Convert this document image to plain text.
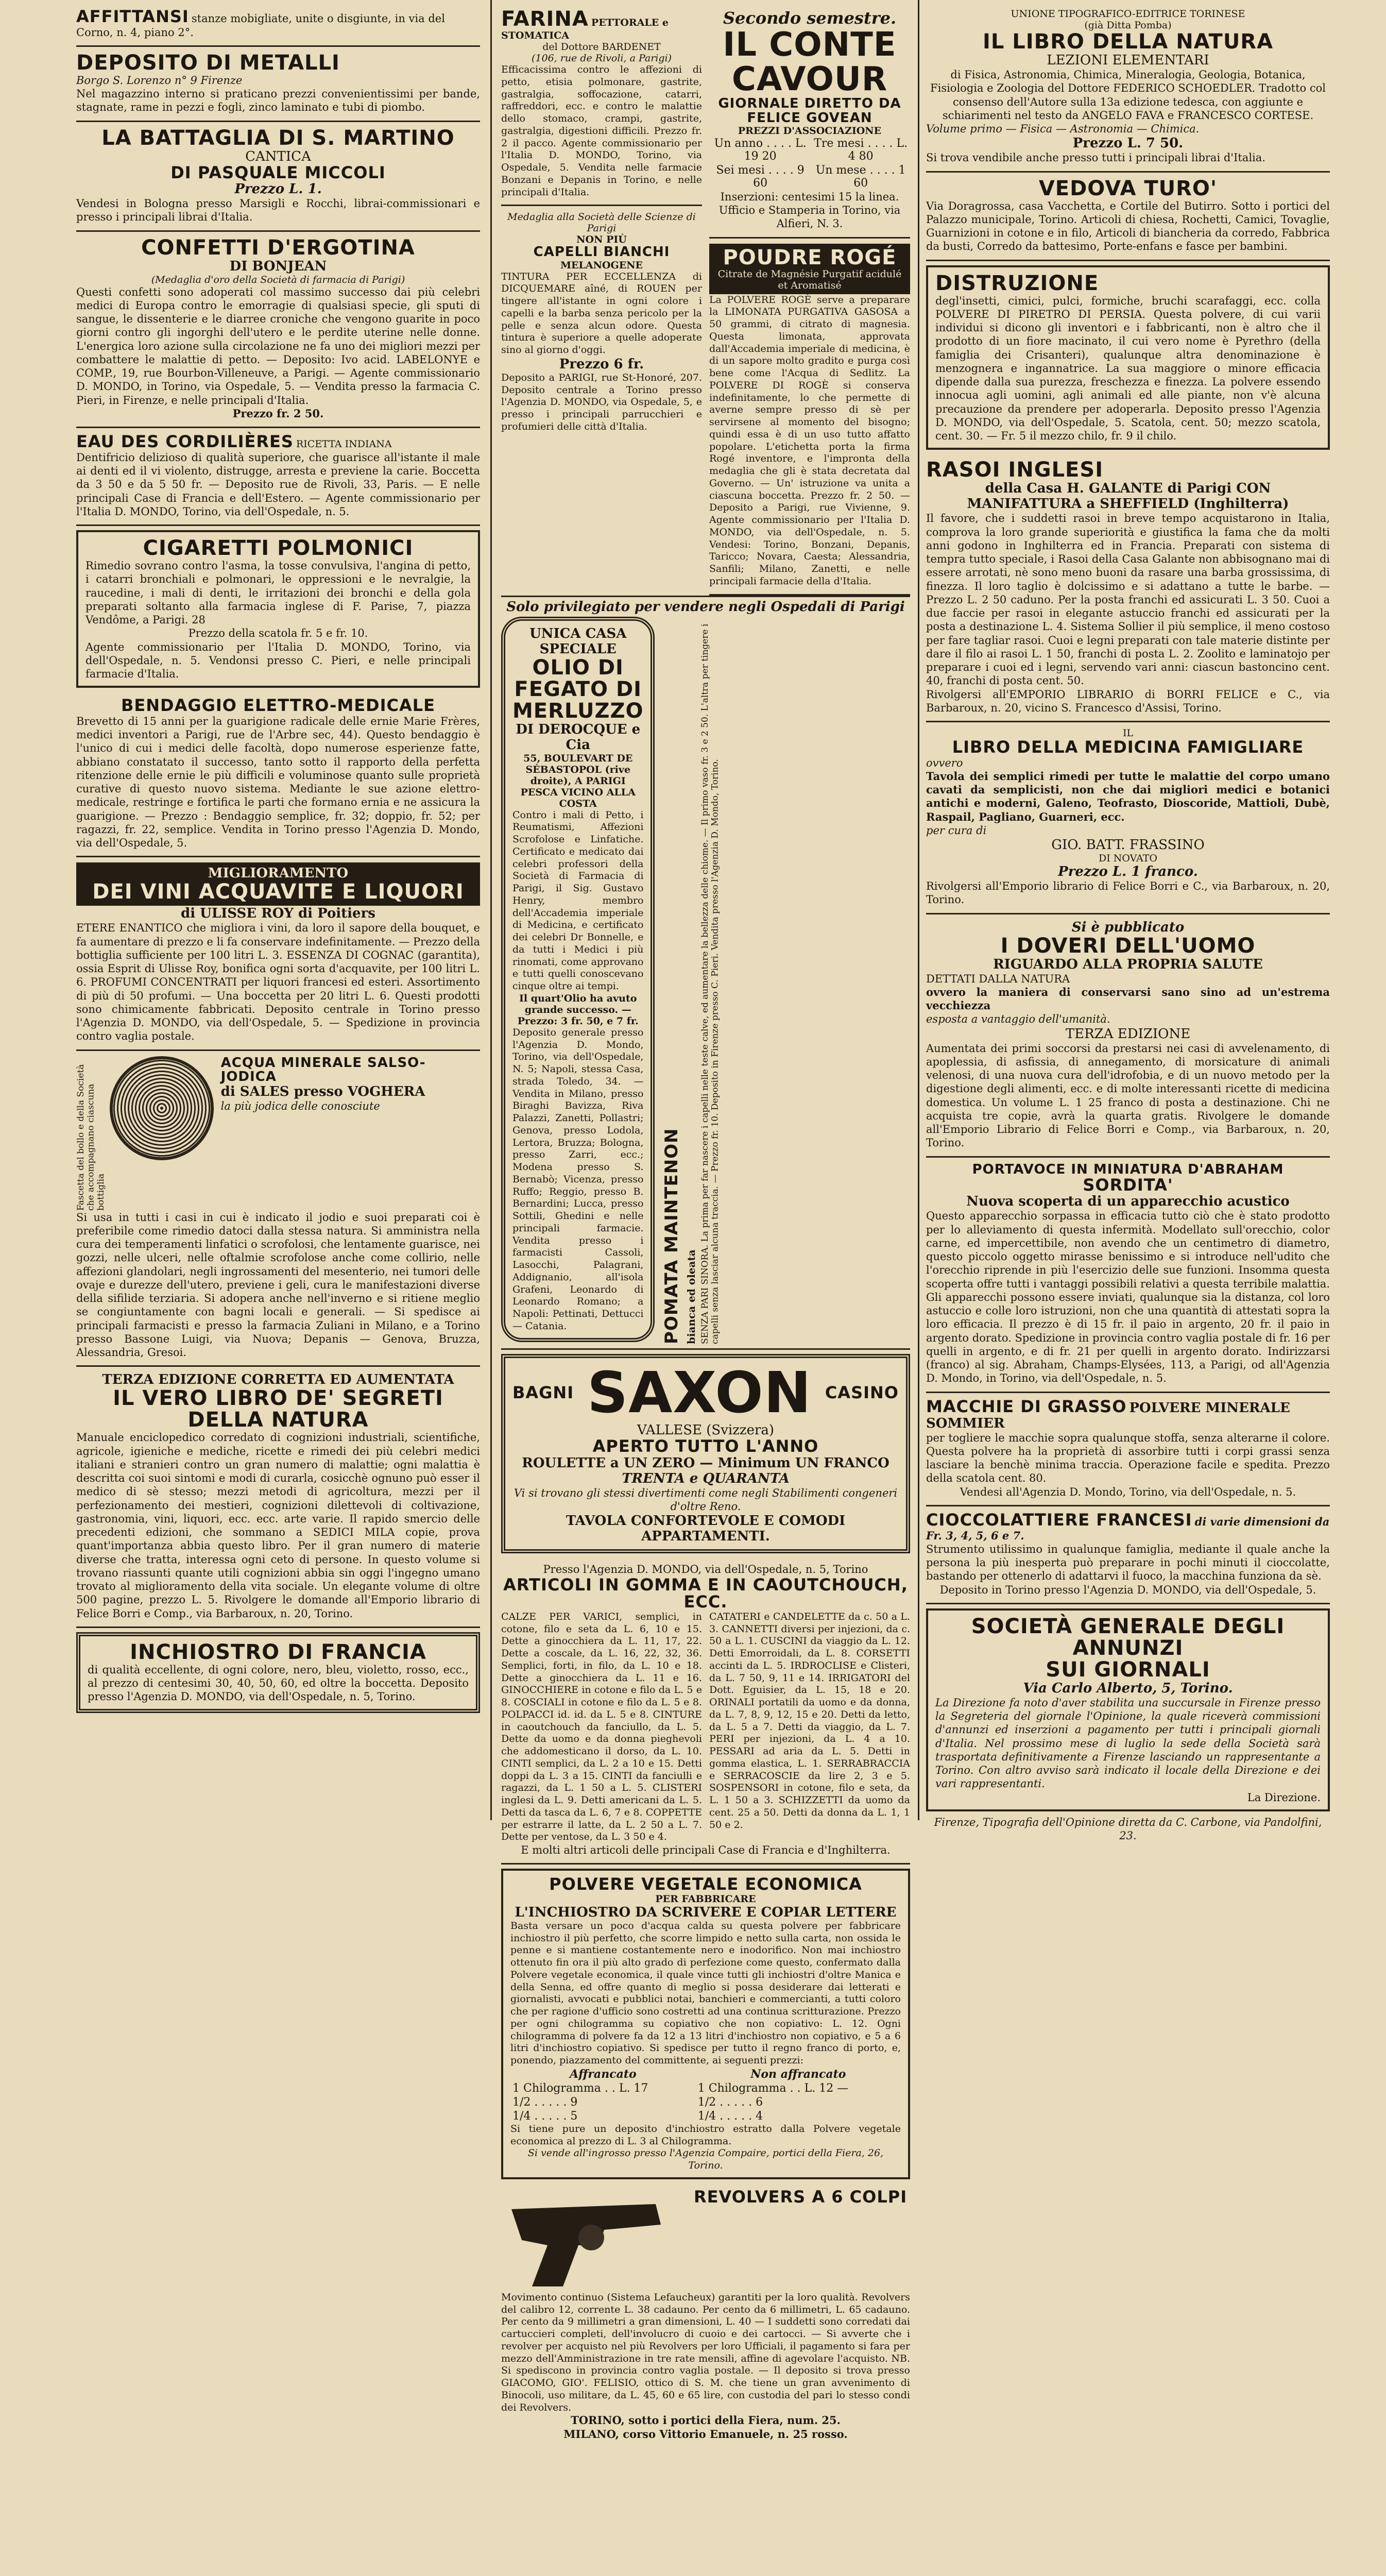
AFFITTANSI stanze mobigliate, unite o disgiunte, in via del Corno, n. 4, piano 2°.
DEPOSITO DI METALLI

Borgo S. Lorenzo n° 9 Firenze

Nel magazzino interno si praticano prezzi convenientissimi per bande, stagnate, rame in pezzi e fogli, zinco laminato e tubi di piombo.

LA BATTAGLIA DI S. MARTINO

CANTICA

DI PASQUALE MICCOLI

Prezzo L. 1.

Vendesi in Bologna presso Marsigli e Rocchi, librai-commissionari e presso i principali librai d'Italia.

CONFETTI D'ERGOTINA

DI BONJEAN

(Medaglia d'oro della Società di farmacia di Parigi)

Questi confetti sono adoperati col massimo successo dai più celebri medici di Europa contro le emorragie di qualsiasi specie, gli sputi di sangue, le dissenterie e le diarree croniche che vengono guarite in poco giorni contro gli ingorghi dell'utero e le perdite uterine nelle donne. L'energica loro azione sulla circolazione ne fa uno dei migliori mezzi per combattere le malattie di petto. — Deposito: Ivo acid. LABELONYE e COMP., 19, rue Bourbon-Villeneuve, a Parigi. — Agente commissionario D. MONDO, in Torino, via Ospedale, 5. — Vendita presso la farmacia C. Pieri, in Firenze, e nelle principali d'Italia.

Prezzo fr. 2 50.

EAU DES CORDILIÈRES RICETTA INDIANA

Dentifricio delizioso di qualità superiore, che guarisce all'istante il male ai denti ed il vi violento, distrugge, arresta e previene la carie. Boccetta da 3 50 e da 5 50 fr. — Deposito rue de Rivoli, 33, Paris. — E nelle principali Case di Francia e dell'Estero. — Agente commissionario per l'Italia D. MONDO, Torino, via dell'Ospedale, n. 5.

CIGARETTI POLMONICI

Rimedio sovrano contro l'asma, la tosse convulsiva, l'angina di petto, i catarri bronchiali e polmonari, le oppressioni e le nevralgie, la raucedine, i mali di denti, le irritazioni dei bronchi e della gola preparati soltanto alla farmacia inglese di F. Parise, 7, piazza Vendôme, a Parigi. 28

Prezzo della scatola fr. 5 e fr. 10.

Agente commissionario per l'Italia D. MONDO, Torino, via dell'Ospedale, n. 5. Vendonsi presso C. Pieri, e nelle principali farmacie d'Italia.

BENDAGGIO ELETTRO-MEDICALE

Brevetto di 15 anni per la guarigione radicale delle ernie Marie Frères, medici inventori a Parigi, rue de l'Arbre sec, 44). Questo bendaggio è l'unico di cui i medici delle facoltà, dopo numerose esperienze fatte, abbiano constatato il successo, tanto sotto il rapporto della perfetta ritenzione delle ernie le più difficili e voluminose quanto sulle proprietà curative di questo nuovo sistema. Mediante le sue azione elettro-medicale, restringe e fortifica le parti che formano ernia e ne assicura la guarigione. — Prezzo : Bendaggio semplice, fr. 32; doppio, fr. 52; per ragazzi, fr. 22, semplice. Vendita in Torino presso l'Agenzia D. Mondo, via dell'Ospedale, 5.

MIGLIORAMENTO

DEI VINI ACQUAVITE E LIQUORI

di ULISSE ROY di Poitiers

ETERE ENANTICO che migliora i vini, da loro il sapore della bouquet, e fa aumentare di prezzo e li fa conservare indefinitamente. — Prezzo della bottiglia sufficiente per 100 litri L. 3. ESSENZA DI COGNAC (garantita), ossia Esprit di Ulisse Roy, bonifica ogni sorta d'acquavite, per 100 litri L. 6. PROFUMI CONCENTRATI per liquori francesi ed esteri. Assortimento di più di 50 profumi. — Una boccetta per 20 litri L. 6. Questi prodotti sono chimicamente fabbricati. Deposito centrale in Torino presso l'Agenzia D. MONDO, via dell'Ospedale, 5. — Spedizione in provincia contro vaglia postale.

Fascetta del bollo e della Società che accompagnano ciascuna bottiglia
ACQUA MINERALE SALSO-JODICA

di SALES presso VOGHERA

la più jodica delle conosciute

Si usa in tutti i casi in cui è indicato il jodio e suoi preparati coi è preferibile come rimedio datoci dalla stessa natura. Si amministra nella cura dei temperamenti linfatici o scrofolosi, che lentamente guarisce, nei gozzi, nelle ulceri, nelle oftalmie scrofolose anche come collirio, nelle affezioni glandolari, negli ingrossamenti del mesenterio, nei tumori delle ovaje e durezze dell'utero, previene i geli, cura le manifestazioni diverse della sifilide terziaria. Si adopera anche nell'inverno e si ritiene meglio se congiuntamente con bagni locali e generali. — Si spedisce ai principali farmacisti e presso la farmacia Zuliani in Milano, e a Torino presso Bassone Luigi, via Nuova; Depanis — Genova, Bruzza, Alessandria, Gresoi.

TERZA EDIZIONE CORRETTA ED AUMENTATA

IL VERO LIBRO DE' SEGRETI DELLA NATURA

Manuale enciclopedico corredato di cognizioni industriali, scientifiche, agricole, igieniche e mediche, ricette e rimedi dei più celebri medici italiani e stranieri contro un gran numero di malattie; ogni malattia è descritta coi suoi sintomi e modi di curarla, cosicchè ognuno può esser il medico di sè stesso; mezzi metodi di agricoltura, mezzi per il perfezionamento dei mestieri, cognizioni dilettevoli di coltivazione, gastronomia, vini, liquori, ecc. ecc. arte varie. Il rapido smercio delle precedenti edizioni, che sommano a SEDICI MILA copie, prova quant'importanza abbia questo libro. Per il gran numero di materie diverse che tratta, interessa ogni ceto di persone. In questo volume si trovano riassunti quante utili cognizioni abbia sin oggi l'ingegno umano trovato al miglioramento della vita sociale. Un elegante volume di oltre 500 pagine, prezzo L. 5. Rivolgere le domande all'Emporio librario di Felice Borri e Comp., via Barbaroux, n. 20, Torino.

INCHIOSTRO DI FRANCIA

di qualità eccellente, di ogni colore, nero, bleu, violetto, rosso, ecc., al prezzo di centesimi 30, 40, 50, 60, ed oltre la boccetta. Deposito presso l'Agenzia D. MONDO, via dell'Ospedale, n. 5, Torino.

FARINA PETTORALE e STOMATICA

del Dottore BARDENET

(106, rue de Rivoli, a Parigi)

Efficacissima contro le affezioni di petto, etisia polmonare, gastrite, gastralgia, soffocazione, catarri, raffreddori, ecc. e contro le malattie dello stomaco, crampi, gastrite, gastralgia, digestioni difficili. Prezzo fr. 2 il pacco. Agente commissionario per l'Italia D. MONDO, Torino, via Ospedale, 5. Vendita nelle farmacie Bonzani e Depanis in Torino, e nelle principali d'Italia.

Medaglia alla Società delle Scienze di Parigi

NON PIÙ

CAPELLI BIANCHI

MELANOGENE

TINTURA PER ECCELLENZA di DICQUEMARE aîné, di ROUEN per tingere all'istante in ogni colore i capelli e la barba senza pericolo per la pelle e senza alcun odore. Questa tintura è superiore a quelle adoperate sino al giorno d'oggi.

Prezzo 6 fr.

Deposito a PARIGI, rue St-Honoré, 207. Deposito centrale a Torino presso l'Agenzia D. MONDO, via Ospedale, 5, e presso i principali parrucchieri e profumieri delle città d'Italia.

Secondo semestre.

IL CONTE CAVOUR

GIORNALE DIRETTO DA FELICE GOVEAN

PREZZI D'ASSOCIAZIONE

Un anno . . . . L. 19 20	Tre mesi . . . . L. 4 80
Sei mesi . . . . 9 60	Un mese . . . . 1 60

Inserzioni: centesimi 15 la linea.

Ufficio e Stamperia in Torino, via Alfieri, N. 3.

POUDRE ROGÉ

Citrate de Magnésie Purgatif acidulé et Aromatisé

La POLVERE ROGÈ serve a preparare la LIMONATA PURGATIVA GASOSA a 50 grammi, di citrato di magnesia. Questa limonata, approvata dall'Accademia imperiale di medicina, è di un sapore molto gradito e purga così bene come l'Acqua di Sedlitz. La POLVERE DI ROGÈ si conserva indefinitamente, lo che permette di averne sempre presso di sè per servirsene al momento del bisogno; quindi essa è di un uso tutto affatto popolare. L'etichetta porta la firma Rogé inventore, e l'impronta della medaglia che gli è stata decretata dal Governo. — Un' istruzione va unita a ciascuna boccetta. Prezzo fr. 2 50. — Deposito a Parigi, rue Vivienne, 9. Agente commissionario per l'Italia D. MONDO, via dell'Ospedale, n. 5. Vendesi: Torino, Bonzani, Depanis, Taricco; Novara, Caesta; Alessandria, Sanfili; Milano, Zanetti, e nelle principali farmacie della d'Italia.

Solo privilegiato per vendere negli Ospedali di Parigi

UNICA CASA SPECIALE

OLIO DI FEGATO DI MERLUZZO

DI DEROCQUE e Cia

55, BOULEVART DE SÉBASTOPOL (rive droite), A PARIGI

PESCA VICINO ALLA COSTA

Contro i mali di Petto, i Reumatismi, Affezioni Scrofolose e Linfatiche. Certificato e medicato dai celebri professori della Società di Farmacia di Parigi, il Sig. Gustavo Henry, membro dell'Accademia imperiale di Medicina, e certificato dei celebri Dr Bonnelle, e da tutti i Medici i più rinomati, come approvano e tutti quelli conoscevano cinque oltre ai tempi.

Il quart'Olio ha avuto grande successo. — Prezzo: 3 fr. 50, e 7 fr.

Deposito generale presso l'Agenzia D. Mondo, Torino, via dell'Ospedale, N. 5; Napoli, stessa Casa, strada Toledo, 34. — Vendita in Milano, presso Biraghi Bavizza, Riva Palazzi, Zanetti, Pollastri; Genova, presso Lodola, Lertora, Bruzza; Bologna, presso Zarri, ecc.; Modena presso S. Bernabò; Vicenza, presso Ruffo; Reggio, presso B. Bernardini; Lucca, presso Sottili, Ghedini e nelle principali farmacie. Vendita presso i farmacisti Cassoli, Lasocchi, Palagrani, Addignanio, all'isola Grafeni, Leonardo di Leonardo Romano; a Napoli: Pettinati, Dettucci — Catania.	POMATA MAINTENON bianca ed oleata SENZA PARI SINORA. La prima per far nascere i capelli nelle teste calve, ed aumentare la bellezza delle chiome. — Il primo vaso fr. 3 e 2 50. L'altra per tingere i capelli senza lasciar alcuna traccia. — Prezzo fr. 10. Deposito in Firenze presso C. Pieri. Vendita presso l'Agenzia D. Mondo, Torino.
BAGNI SAXON CASINO

VALLESE (Svizzera)

APERTO TUTTO L'ANNO

ROULETTE a UN ZERO — Minimum UN FRANCO

TRENTA e QUARANTA

Vi si trovano gli stessi divertimenti come negli Stabilimenti congeneri d'oltre Reno.

TAVOLA CONFORTEVOLE E COMODI APPARTAMENTI.

Presso l'Agenzia D. MONDO, via dell'Ospedale, n. 5, Torino

ARTICOLI IN GOMMA E IN CAOUTCHOUCH, ECC.
CALZE PER VARICI, semplici, in cotone, filo e seta da L. 6, 10 e 15. Dette a ginocchiera da L. 11, 17, 22. Dette a coscale, da L. 16, 22, 32, 36. Semplici, forti, in filo, da L. 10 e 18. Dette a ginocchiera da L. 11 e 16. GINOCCHIERE in cotone e filo da L. 5 e 8. COSCIALI in cotone e filo da L. 5 e 8. POLPACCI id. id. da L. 5 e 8. CINTURE in caoutchouch da fanciullo, da L. 5. Dette da uomo e da donna pieghevoli che addomesticano il dorso, da L. 10. CINTI semplici, da L. 2 a 10 e 15. Detti doppi da L. 3 a 15. CINTI da fanciulli e ragazzi, da L. 1 50 a L. 5. CLISTERI inglesi da L. 9. Detti americani da L. 5. Detti da tasca da L. 6, 7 e 8. COPPETTE per estrarre il latte, da L. 2 50 a L. 7. Dette per ventose, da L. 3 50 e 4.
CATATERI e CANDELETTE da c. 50 a L. 3. CANNETTI diversi per injezioni, da c. 50 a L. 1. CUSCINI da viaggio da L. 12. Detti Emorroidali, da L. 8. CORSETTI accinti da L. 5. IRDROCLISE e Clisteri, da L. 7 50, 9, 11 e 14. IRRIGATORI del Dott. Eguisier, da L. 15, 18 e 20. ORINALI portatili da uomo e da donna, da L. 7, 8, 9, 12, 15 e 20. Detti da letto, da L. 5 a 7. Detti da viaggio, da L. 7. PERI per injezioni, da L. 4 a 10. PESSARI ad aria da L. 5. Detti in gomma elastica, L. 1. SERRABRACCIA e SERRACOSCIE da lire 2, 3 e 5. SOSPENSORI in cotone, filo e seta, da L. 1 50 a 3. SCHIZZETTI da uomo da cent. 25 a 50. Detti da donna da L. 1, 1 50 e 2.

E molti altri articoli delle principali Case di Francia e d'Inghilterra.

POLVERE VEGETALE ECONOMICA

PER FABBRICARE

L'INCHIOSTRO DA SCRIVERE E COPIAR LETTERE

Basta versare un poco d'acqua calda su questa polvere per fabbricare inchiostro il più perfetto, che scorre limpido e netto sulla carta, non ossida le penne e si mantiene costantemente nero e inodorifico. Non mai inchiostro ottenuto fin ora il più alto grado di perfezione come questo, confermato dalla Polvere vegetale economica, il quale vince tutti gli inchiostri d'oltre Manica e della Senna, ed offre quanto di meglio si possa desiderare dai letterati e giornalisti, avvocati e pubblici notai, banchieri e commercianti, a tutti coloro che per ragione d'ufficio sono costretti ad una continua scritturazione. Prezzo per ogni chilogramma su copiativo che non copiativo: L. 12. Ogni chilogramma di polvere fa da 12 a 13 litri d'inchiostro non copiativo, e 5 a 6 litri d'inchiostro copiativo. Si spedisce per tutto il regno franco di porto, e, ponendo, piazzamento del committente, ai seguenti prezzi:

Affrancato	Non affrancato
1 Chilogramma . . L. 17	1 Chilogramma . . L. 12 —
1/2 . . . . . 9	1/2 . . . . . 6
1/4 . . . . . 5	1/4 . . . . . 4

Si tiene pure un deposito d'inchiostro estratto dalla Polvere vegetale economica al prezzo di L. 3 al Chilogramma.

Si vende all'ingrosso presso l'Agenzia Compaire, portici della Fiera, 26, Torino.

REVOLVERS A 6 COLPI

Movimento continuo (Sistema Lefaucheux) garantiti per la loro qualità. Revolvers del calibro 12, corrente L. 38 cadauno. Per cento da 6 millimetri, L. 65 cadauno. Per cento da 9 millimetri a gran dimensioni, L. 40 — I suddetti sono corredati dai cartuccieri completi, dell'involucro di cuoio e dei cartocci. — Si avverte che i revolver per acquisto nel più Revolvers per loro Ufficiali, il pagamento si fara per mezzo dell'Amministrazione in tre rate mensili, affine di agevolare l'acquisto. NB. Si spediscono in provincia contro vaglia postale. — Il deposito si trova presso GIACOMO, GIO'. FELISIO, ottico di S. M. che tiene un gran avvenimento di Binocoli, uso militare, da L. 45, 60 e 65 lire, con custodia del pari lo stesso condi dei Revolvers.

TORINO, sotto i portici della Fiera, num. 25.

MILANO, corso Vittorio Emanuele, n. 25 rosso.

UNIONE TIPOGRAFICO-EDITRICE TORINESE

(già Ditta Pomba)

IL LIBRO DELLA NATURA

LEZIONI ELEMENTARI

di Fisica, Astronomia, Chimica, Mineralogia, Geologia, Botanica, Fisiologia e Zoologia del Dottore FEDERICO SCHOEDLER. Tradotto col consenso dell'Autore sulla 13a edizione tedesca, con aggiunte e schiarimenti nel testo da ANGELO FAVA e FRANCESCO CORTESE.

Volume primo — Fisica — Astronomia — Chimica.

Prezzo L. 7 50.

Si trova vendibile anche presso tutti i principali librai d'Italia.

VEDOVA TURO'

Via Doragrossa, casa Vacchetta, e Cortile del Butirro. Sotto i portici del Palazzo municipale, Torino. Articoli di chiesa, Rochetti, Camici, Tovaglie, Guarnizioni in cotone e in filo, Articoli di biancheria da corredo, Fabbrica da busti, Corredo da battesimo, Porte-enfans e fasce per bambini.

DISTRUZIONE

degl'insetti, cimici, pulci, formiche, bruchi scarafaggi, ecc. colla POLVERE DI PIRETRO DI PERSIA. Questa polvere, di cui varii individui si dicono gli inventori e i fabbricanti, non è altro che il prodotto di un fiore macinato, il cui vero nome è Pyrethro (della famiglia dei Crisanteri), qualunque altra denominazione è menzognera e ingannatrice. La sua maggiore o minore efficacia dipende dalla sua purezza, freschezza e finezza. La polvere essendo innocua agli uomini, agli animali ed alle piante, non v'è alcuna precauzione da prendere per adoperarla. Deposito presso l'Agenzia D. MONDO, via dell'Ospedale, 5. Scatola, cent. 50; mezzo scatola, cent. 30. — Fr. 5 il mezzo chilo, fr. 9 il chilo.

RASOI INGLESI

della Casa H. GALANTE di Parigi CON MANIFATTURA a SHEFFIELD (Inghilterra)

Il favore, che i suddetti rasoi in breve tempo acquistarono in Italia, comprova la loro grande superiorità e giustifica la fama che da molti anni godono in Inghilterra ed in Francia. Preparati con sistema di tempra tutto speciale, i Rasoi della Casa Galante non abbisognano mai di essere arrotati, nè sono meno buoni da rasare una barba grossissima, di finezza. Il loro taglio è dolcissimo e si adattano a tutte le barbe. — Prezzo L. 2 50 caduno. Per la posta franchi ed assicurati L. 3 50. Cuoi a due faccie per rasoi in elegante astuccio franchi ed assicurati per la posta a destinazione L. 4. Sistema Sollier il più semplice, il meno costoso per fare tagliar rasoi. Cuoi e legni preparati con tale materie distinte per dare il filo ai rasoi L. 1 50, franchi di posta L. 2. Zoolito e laminatojo per preparare i cuoi ed i legni, servendo vari anni: ciascun bastoncino cent. 40, franchi di posta cent. 50.

Rivolgersi all'EMPORIO LIBRARIO di BORRI FELICE e C., via Barbaroux, n. 20, vicino S. Francesco d'Assisi, Torino.

IL

LIBRO DELLA MEDICINA FAMIGLIARE

ovvero

Tavola dei semplici rimedi per tutte le malattie del corpo umano cavati da semplicisti, non che dai migliori medici e botanici antichi e moderni, Galeno, Teofrasto, Dioscoride, Mattioli, Dubè, Raspail, Pagliano, Guarneri, ecc.

per cura di

GIO. BATT. FRASSINO

DI NOVATO

Prezzo L. 1 franco.

Rivolgersi all'Emporio librario di Felice Borri e C., via Barbaroux, n. 20, Torino.

Si è pubblicato

I DOVERI DELL'UOMO

RIGUARDO ALLA PROPRIA SALUTE

DETTATI DALLA NATURA

ovvero la maniera di conservarsi sano sino ad un'estrema vecchiezza

esposta a vantaggio dell'umanità.

TERZA EDIZIONE

Aumentata dei primi soccorsi da prestarsi nei casi di avvelenamento, di apoplessia, di asfissia, di annegamento, di morsicature di animali velenosi, di una nuova cura dell'idrofobia, e di un nuovo metodo per la digestione degli alimenti, ecc. e di molte interessanti ricette di medicina domestica. Un volume L. 1 25 franco di posta a destinazione. Chi ne acquista tre copie, avrà la quarta gratis. Rivolgere le domande all'Emporio Librario di Felice Borri e Comp., via Barbaroux, n. 20, Torino.

PORTAVOCE IN MINIATURA D'ABRAHAM

SORDITA'

Nuova scoperta di un apparecchio acustico

Questo apparecchio sorpassa in efficacia tutto ciò che è stato prodotto per lo alleviamento di questa infermità. Modellato sull'orecchio, color carne, ed impercettibile, non avendo che un centimetro di diametro, questo piccolo oggetto mirasse benissimo e si introduce nell'udito che l'orecchio riprende in più l'esercizio delle sue funzioni. Insomma questa scoperta offre tutti i vantaggi possibili relativi a questa terribile malattia. Gli apparecchi possono essere inviati, qualunque sia la distanza, col loro astuccio e colle loro istruzioni, non che una quantità di attestati sopra la loro efficacia. Il prezzo è di 15 fr. il paio in argento, 20 fr. il paio in argento dorato. Spedizione in provincia contro vaglia postale di fr. 16 per quelli in argento, e di fr. 21 per quelli in argento dorato. Indirizzarsi (franco) al sig. Abraham, Champs-Elysées, 113, a Parigi, od all'Agenzia D. Mondo, in Torino, via dell'Ospedale, n. 5.

MACCHIE DI GRASSO POLVERE MINERALE SOMMIER

per togliere le macchie sopra qualunque stoffa, senza alterarne il colore. Questa polvere ha la proprietà di assorbire tutti i corpi grassi senza lasciare la benchè minima traccia. Operazione facile e spedita. Prezzo della scatola cent. 80.

Vendesi all'Agenzia D. Mondo, Torino, via dell'Ospedale, n. 5.

CIOCCOLATTIERE FRANCESI di varie dimensioni da Fr. 3, 4, 5, 6 e 7.

Strumento utilissimo in qualunque famiglia, mediante il quale anche la persona la più inesperta può preparare in pochi minuti il cioccolatte, bastando per ottenerlo di adattarvi il fuoco, la macchina funziona da sè.

Deposito in Torino presso l'Agenzia D. MONDO, via dell'Ospedale, 5.

SOCIETÀ GENERALE DEGLI ANNUNZI

SUI GIORNALI

Via Carlo Alberto, 5, Torino.

La Direzione fa noto d'aver stabilita una succursale in Firenze presso la Segreteria del giornale l'Opinione, la quale riceverà commissioni d'annunzi ed inserzioni a pagamento per tutti i principali giornali d'Italia. Nel prossimo mese di luglio la sede della Società sarà trasportata definitivamente a Firenze lasciando un rappresentante a Torino. Con altro avviso sarà indicato il locale della Direzione e dei vari rappresentanti.

La Direzione.

Firenze, Tipografia dell'Opinione diretta da C. Carbone, via Pandolfini, 23.
